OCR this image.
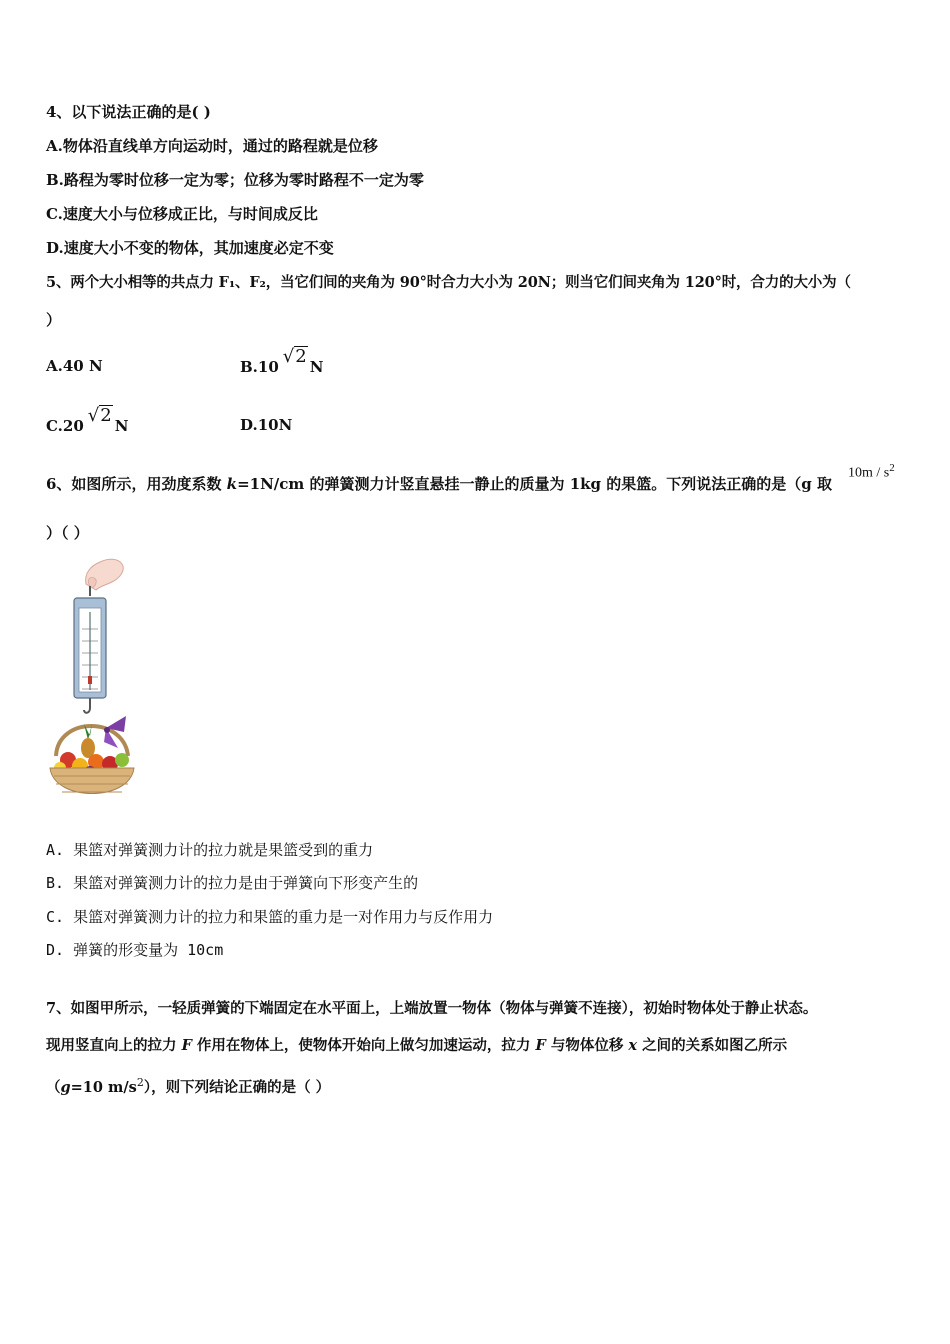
4、以下说法正确的是( )
A.物体沿直线单方向运动时，通过的路程就是位移
B.路程为零时位移一定为零；位移为零时路程不一定为零
C.速度大小与位移成正比，与时间成反比
D.速度大小不变的物体，其加速度必定不变
5、两个大小相等的共点力 F₁、F₂，当它们间的夹角为 90°时合力大小为 20N；则当它们间夹角为 120°时，合力的大小为（
）
A.40 N	B.10 √2 N
C.20 √2 N	D.10N
6、如图所示，用劲度系数 k=1N/cm 的弹簧测力计竖直悬挂一静止的质量为 1kg 的果篮。下列说法正确的是（g 取
$10m / s^2$
）（ ）
A. 果篮对弹簧测力计的拉力就是果篮受到的重力
B. 果篮对弹簧测力计的拉力是由于弹簧向下形变产生的
C. 果篮对弹簧测力计的拉力和果篮的重力是一对作用力与反作用力
D. 弹簧的形变量为 10cm
7、如图甲所示，一轻质弹簧的下端固定在水平面上，上端放置一物体（物体与弹簧不连接），初始时物体处于静止状态。
现用竖直向上的拉力 F 作用在物体上，使物体开始向上做匀加速运动，拉力 F 与物体位移 x 之间的关系如图乙所示
（g=10 $m/s^2$），则下列结论正确的是（ ）
